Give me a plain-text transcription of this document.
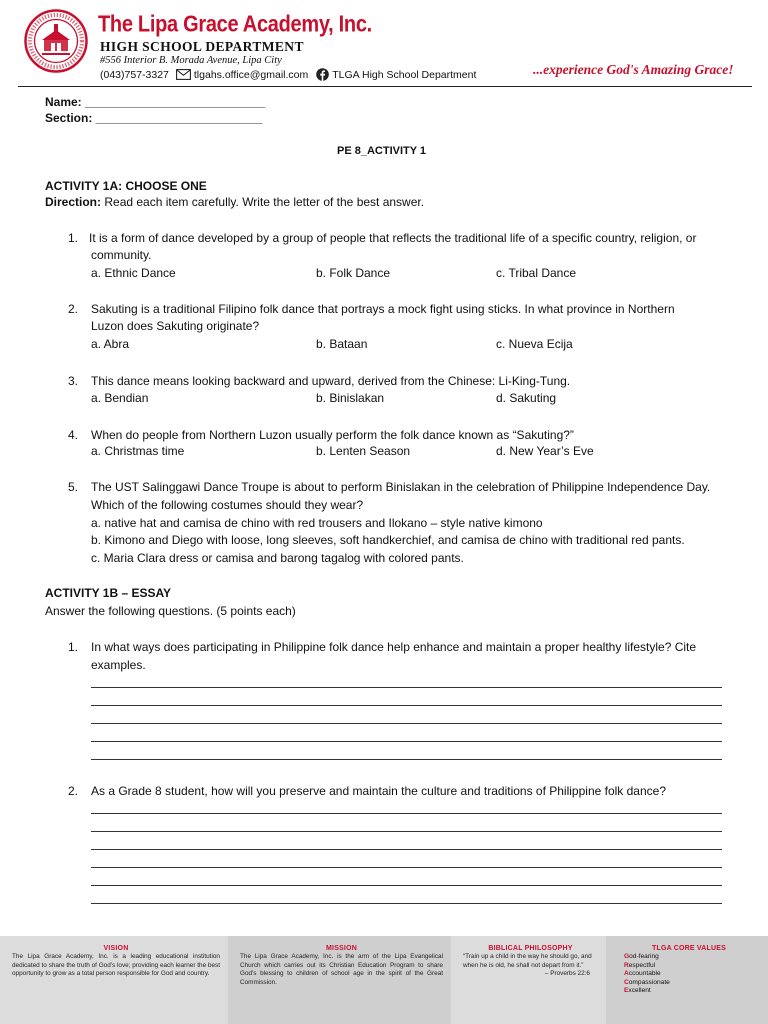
The Lipa Grace Academy, Inc.
HIGH SCHOOL DEPARTMENT
#556 Interior B. Morada Avenue, Lipa City
(043)757-3327 tlgahs.office@gmail.com TLGA High School Department	...experience God's Amazing Grace!
Name: ___________________________
Section: _________________________
PE 8_ACTIVITY 1
ACTIVITY 1A: CHOOSE ONE
Direction: Read each item carefully. Write the letter of the best answer.
1. It is a form of dance developed by a group of people that reflects the traditional life of a specific country, religion, or
community.
a. Ethnic Dance	b. Folk Dance	c. Tribal Dance
2. Sakuting is a traditional Filipino folk dance that portrays a mock fight using sticks. In what province in Northern
Luzon does Sakuting originate?
a. Abra	b. Bataan	c. Nueva Ecija
3. This dance means looking backward and upward, derived from the Chinese: Li-King-Tung.
a. Bendian	b. Binislakan	d. Sakuting
4. When do people from Northern Luzon usually perform the folk dance known as “Sakuting?”
a. Christmas time	b. Lenten Season	d. New Year’s Eve
5. The UST Salinggawi Dance Troupe is about to perform Binislakan in the celebration of Philippine Independence Day.
Which of the following costumes should they wear?
a. native hat and camisa de chino with red trousers and Ilokano – style native kimono
b. Kimono and Diego with loose, long sleeves, soft handkerchief, and camisa de chino with traditional red pants.
c. Maria Clara dress or camisa and barong tagalog with colored pants.
ACTIVITY 1B – ESSAY
Answer the following questions. (5 points each)
1. In what ways does participating in Philippine folk dance help enhance and maintain a proper healthy lifestyle? Cite
examples.
2. As a Grade 8 student, how will you preserve and maintain the culture and traditions of Philippine folk dance?
VISION
The Lipa Grace Academy, Inc. is a leading educational institution dedicated to share the truth of God's love; providing each learner the best opportunity to grow as a total person responsible for God and country.
MISSION
The Lipa Grace Academy, Inc. is the arm of the Lipa Evangelical Church which carries out its Christian Education Program to share God's blessing to children of school age in the spirit of the Great Commission.
BIBLICAL PHILOSOPHY
“Train up a child in the way he should go, and when he is old, he shall not depart from it.”
– Proverbs 22:6
TLGA CORE VALUES
God-fearing
Respectful
Accountable
Compassionate
Excellent
